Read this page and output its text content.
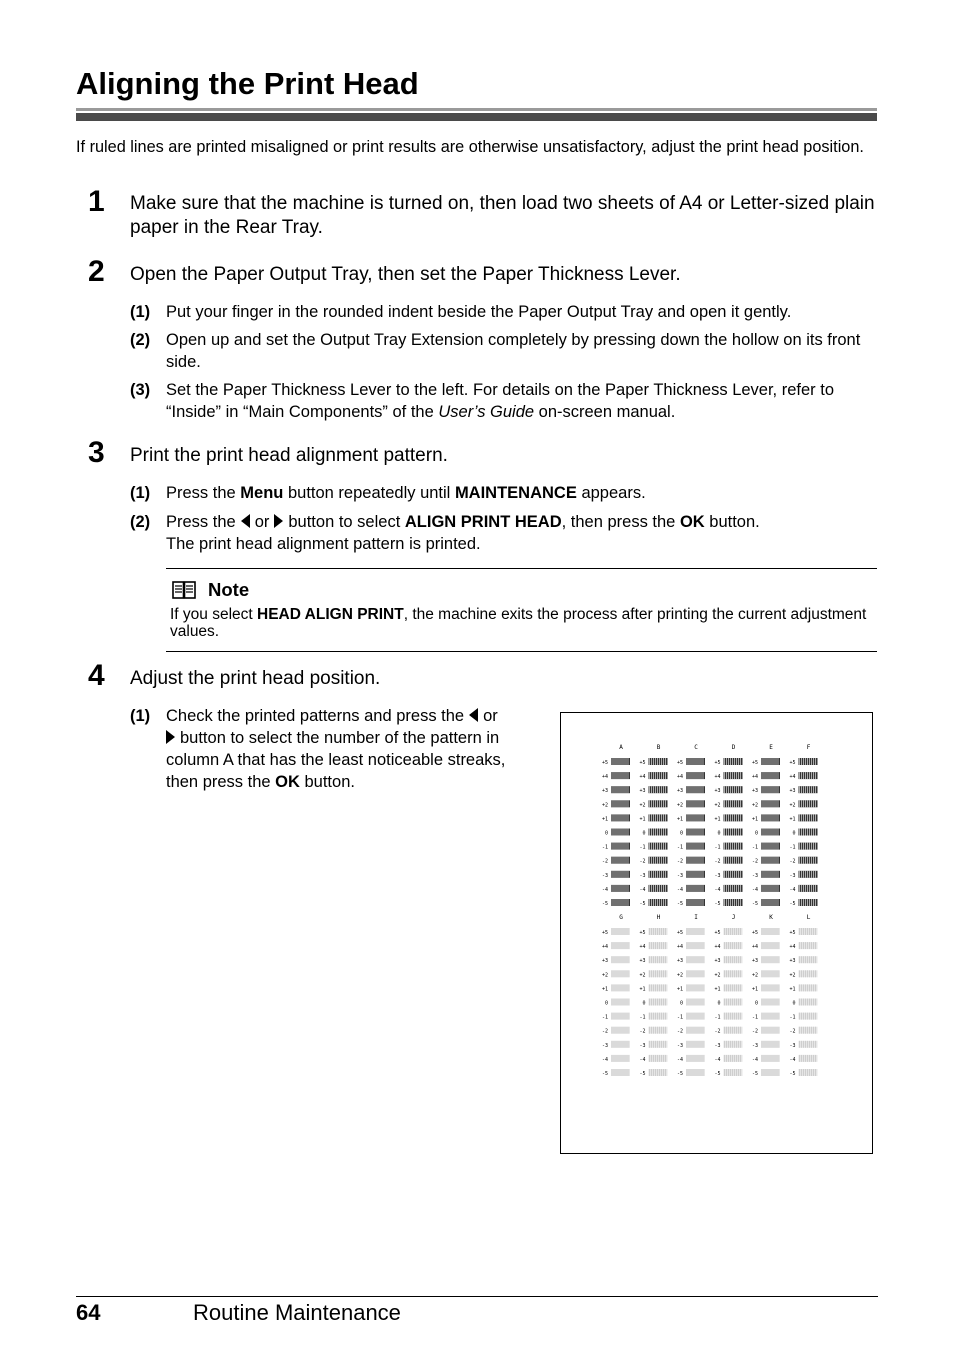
Aligning the Print Head
If ruled lines are printed misaligned or print results are otherwise unsatisfactory, adjust the print head position.
1 Make sure that the machine is turned on, then load two sheets of A4 or Letter-sized plain paper in the Rear Tray.
2 Open the Paper Output Tray, then set the Paper Thickness Lever.
(1) Put your finger in the rounded indent beside the Paper Output Tray and open it gently.
(2) Open up and set the Output Tray Extension completely by pressing down the hollow on its front side.
(3) Set the Paper Thickness Lever to the left. For details on the Paper Thickness Lever, refer to “Inside” in “Main Components” of the User’s Guide on-screen manual.
3 Print the print head alignment pattern.
(1) Press the Menu button repeatedly until MAINTENANCE appears.
(2) Press the or button to select ALIGN PRINT HEAD, then press the OK button.
The print head alignment pattern is printed.
Note
If you select HEAD ALIGN PRINT, the machine exits the process after printing the current adjustment values.
4 Adjust the print head position.
(1) Check the printed patterns and press the or
button to select the number of the pattern in column A that has the least noticeable streaks, then press the OK button.
A
+5
+4
+3
+2
+1
0
-1
-2
-3
-4
-5
B
+5
+4
+3
+2
+1
0
-1
-2
-3
-4
-5
C
+5
+4
+3
+2
+1
0
-1
-2
-3
-4
-5
D
+5
+4
+3
+2
+1
0
-1
-2
-3
-4
-5
E
+5
+4
+3
+2
+1
0
-1
-2
-3
-4
-5
F
+5
+4
+3
+2
+1
0
-1
-2
-3
-4
-5
G
+5
+4
+3
+2
+1
0
-1
-2
-3
-4
-5
H
+5
+4
+3
+2
+1
0
-1
-2
-3
-4
-5
I
+5
+4
+3
+2
+1
0
-1
-2
-3
-4
-5
J
+5
+4
+3
+2
+1
0
-1
-2
-3
-4
-5
K
+5
+4
+3
+2
+1
0
-1
-2
-3
-4
-5
L
+5
+4
+3
+2
+1
0
-1
-2
-3
-4
-5
64	Routine Maintenance
